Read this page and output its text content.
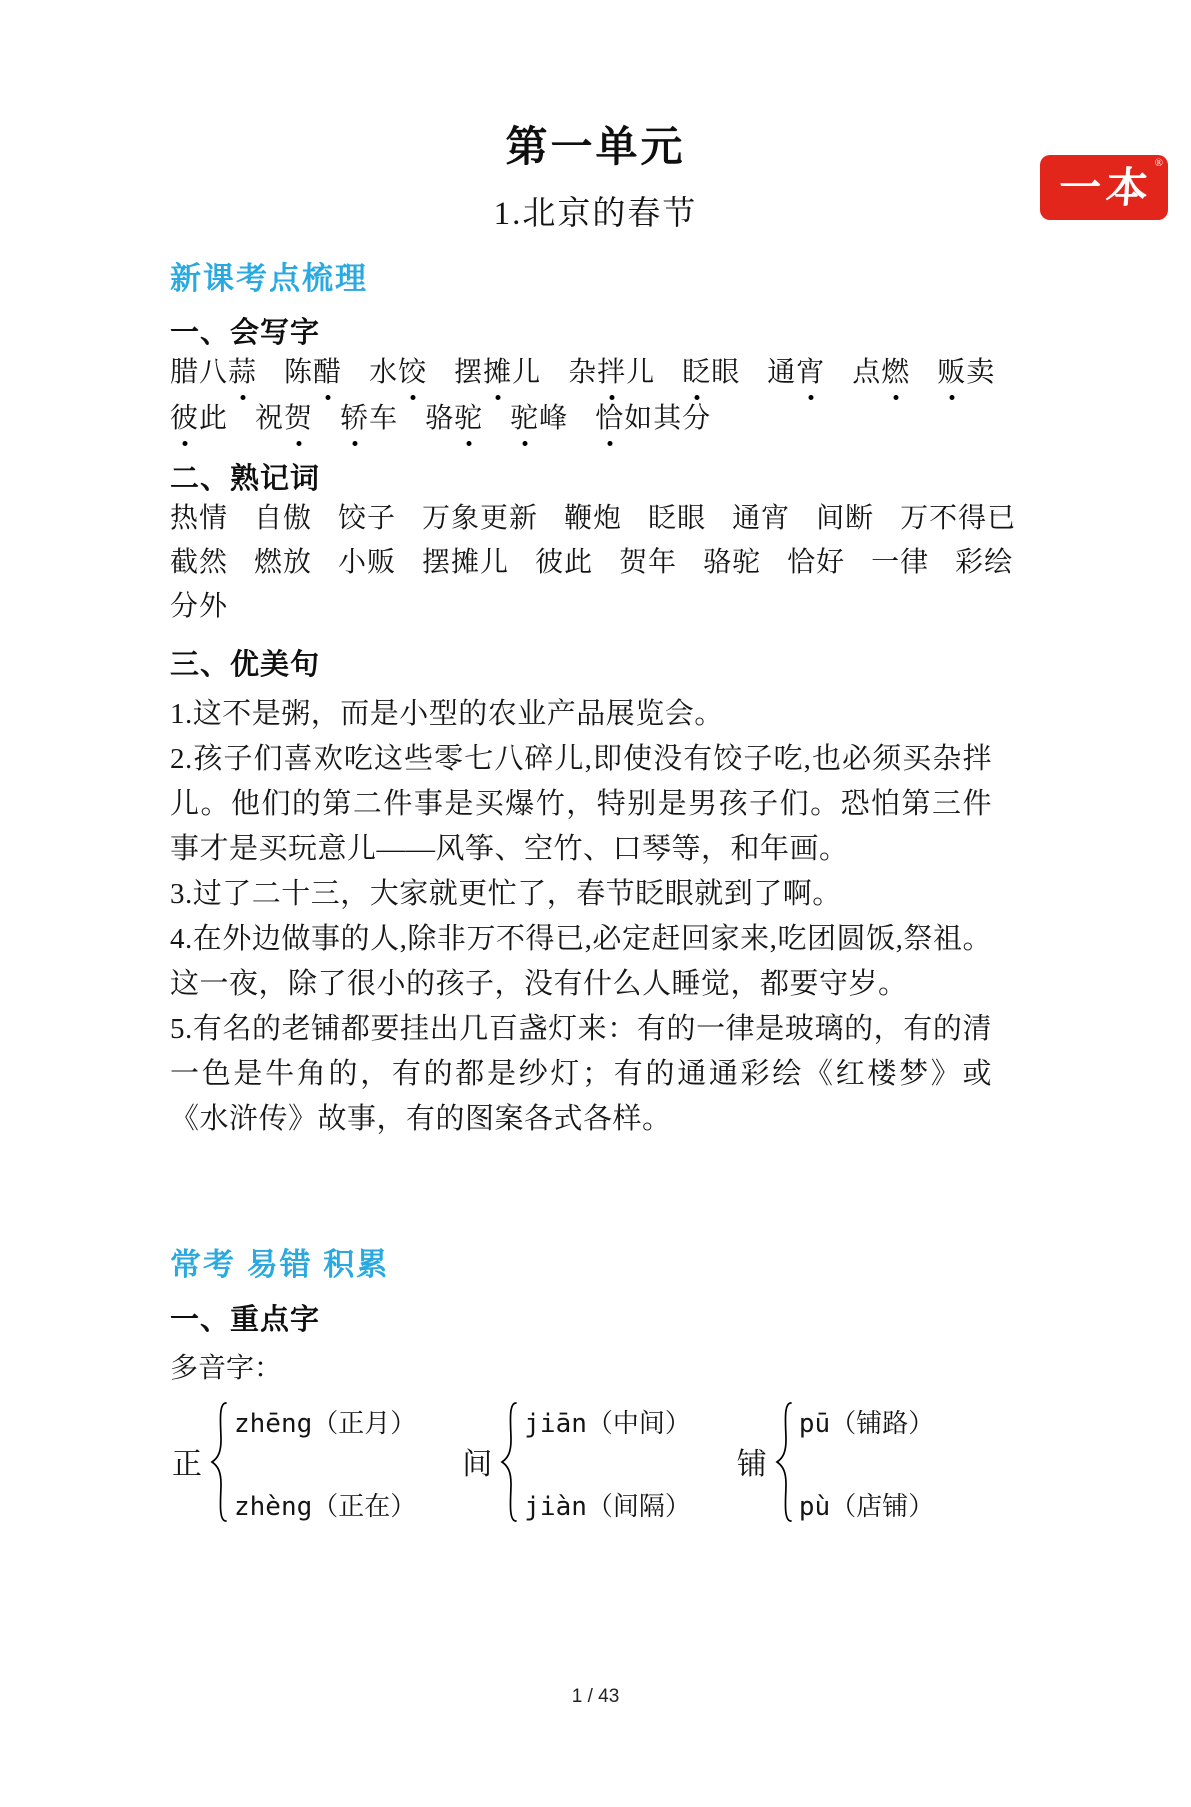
一本 ®
第一单元
1.北京的春节
新课考点梳理
一、会写字
腊八蒜 陈醋 水饺 摆摊儿 杂拌儿 眨眼 通宵 点燃 贩卖
彼此 祝贺 轿车 骆驼 驼峰 恰如其分
二、熟记词
热情 自傲 饺子 万象更新 鞭炮 眨眼 通宵 间断 万不得已
截然 燃放 小贩 摆摊儿 彼此 贺年 骆驼 恰好 一律 彩绘
分外
三、优美句
1.这不是粥，而是小型的农业产品展览会。
2.孩子们喜欢吃这些零七八碎儿,即使没有饺子吃,也必须买杂拌儿。他们的第二件事是买爆竹，特别是男孩子们。恐怕第三件事才是买玩意儿——风筝、空竹、口琴等，和年画。
3.过了二十三，大家就更忙了，春节眨眼就到了啊。
4.在外边做事的人,除非万不得已,必定赶回家来,吃团圆饭,祭祖。这一夜，除了很小的孩子，没有什么人睡觉，都要守岁。
5.有名的老铺都要挂出几百盏灯来：有的一律是玻璃的，有的清一色是牛角的，有的都是纱灯；有的通通彩绘《红楼梦》或《水浒传》故事，有的图案各式各样。
常考 易错 积累
一、重点字
多音字：
正
zhēng（正月）
zhèng（正在）
间
jiān（中间）
jiàn（间隔）
铺
pū（铺路）
pù（店铺）
1 / 43
